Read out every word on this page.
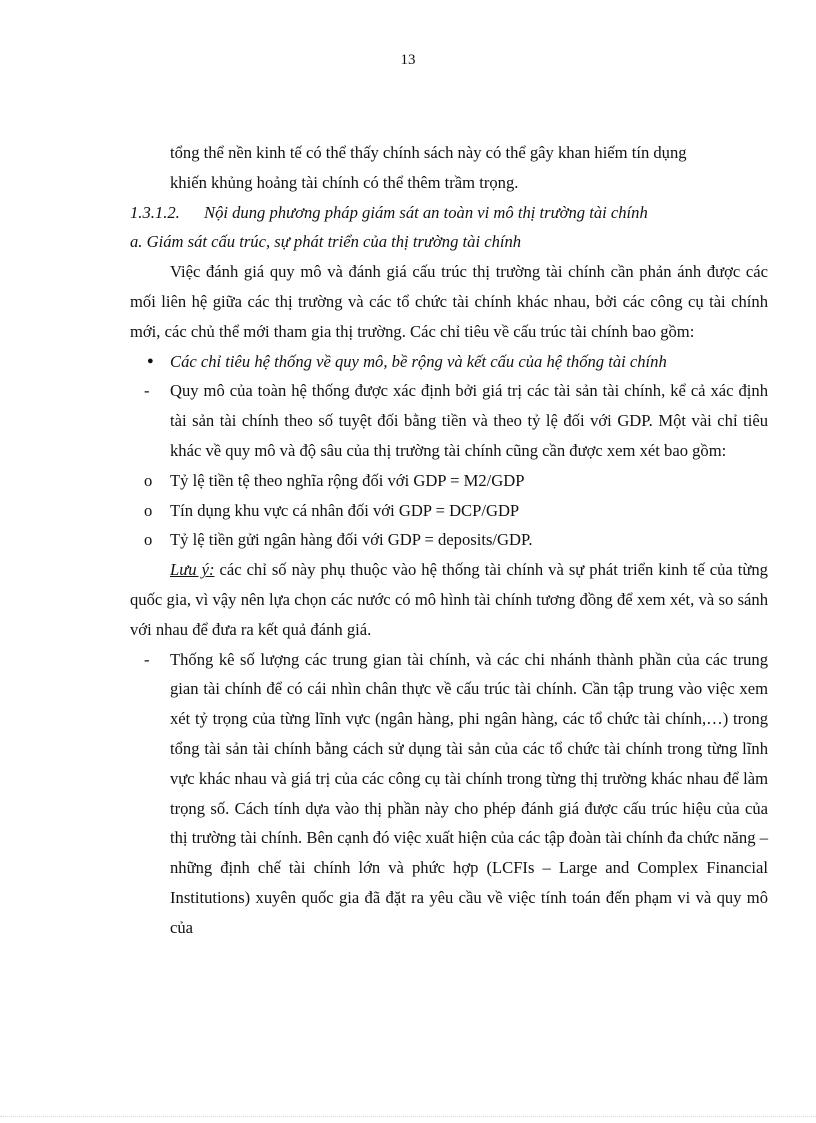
13

tổng thể nền kinh tế có thể thấy chính sách này có thể gây khan hiếm tín dụng

khiến khủng hoảng tài chính có thể thêm trầm trọng.

1.3.1.2. Nội dung phương pháp giám sát an toàn vi mô thị trường tài chính

a. Giám sát cấu trúc, sự phát triển của thị trường tài chính

Việc đánh giá quy mô và đánh giá cấu trúc thị trường tài chính cần phản ánh được các mối liên hệ giữa các thị trường và các tổ chức tài chính khác nhau, bởi các công cụ tài chính mới, các chủ thể mới tham gia thị trường. Các chỉ tiêu về cấu trúc tài chính bao gồm:

● Các chỉ tiêu hệ thống về quy mô, bề rộng và kết cấu của hệ thống tài chính

- Quy mô của toàn hệ thống được xác định bởi giá trị các tài sản tài chính, kể cả xác định tài sản tài chính theo số tuyệt đối bằng tiền và theo tỷ lệ đối với GDP. Một vài chỉ tiêu khác về quy mô và độ sâu của thị trường tài chính cũng cần được xem xét bao gồm:

o Tỷ lệ tiền tệ theo nghĩa rộng đối với GDP = M2/GDP

o Tín dụng khu vực cá nhân đối với GDP = DCP/GDP

o Tỷ lệ tiền gửi ngân hàng đối với GDP = deposits/GDP.

Lưu ý: các chỉ số này phụ thuộc vào hệ thống tài chính và sự phát triển kinh tế của từng quốc gia, vì vậy nên lựa chọn các nước có mô hình tài chính tương đồng để xem xét, và so sánh với nhau để đưa ra kết quả đánh giá.

- Thống kê số lượng các trung gian tài chính, và các chi nhánh thành phần của các trung gian tài chính để có cái nhìn chân thực về cấu trúc tài chính. Cần tập trung vào việc xem xét tỷ trọng của từng lĩnh vực (ngân hàng, phi ngân hàng, các tổ chức tài chính,…) trong tổng tài sản tài chính bằng cách sử dụng tài sản của các tổ chức tài chính trong từng lĩnh vực khác nhau và giá trị của các công cụ tài chính trong từng thị trường khác nhau để làm trọng số. Cách tính dựa vào thị phần này cho phép đánh giá được cấu trúc hiệu của của thị trường tài chính. Bên cạnh đó việc xuất hiện của các tập đoàn tài chính đa chức năng – những định chế tài chính lớn và phức hợp (LCFIs – Large and Complex Financial Institutions) xuyên quốc gia đã đặt ra yêu cầu về việc tính toán đến phạm vi và quy mô của
